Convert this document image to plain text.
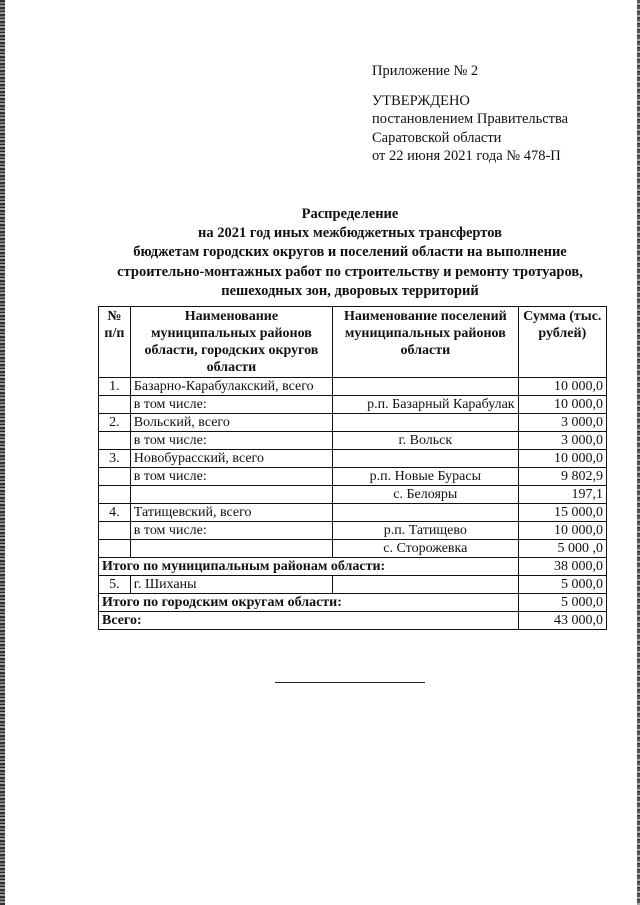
Приложение № 2
УТВЕРЖДЕНО
постановлением Правительства
Саратовской области
от 22 июня 2021 года № 478-П
Распределение
на 2021 год иных межбюджетных трансфертов
бюджетам городских округов и поселений области на выполнение
строительно-монтажных работ по строительству и ремонту тротуаров,
пешеходных зон, дворовых территорий
№ п/п	Наименование муниципальных районов области, городских округов области	Наименование поселений муниципальных районов области	Сумма (тыс. рублей)
1.	Базарно-Карабулакский, всего		10 000,0
	в том числе:	р.п. Базарный Карабулак	10 000,0
2.	Вольский, всего		3 000,0
	в том числе:	г. Вольск	3 000,0
3.	Новобурасский, всего		10 000,0
	в том числе:	р.п. Новые Бурасы	9 802,9
		с. Белояры	197,1
4.	Татищевский, всего		15 000,0
	в том числе:	р.п. Татищево	10 000,0
		с. Сторожевка	5 000 ,0
Итого по муниципальным районам области:			38 000,0
5.	г. Шиханы		5 000,0
Итого по городским округам области:			5 000,0
Всего:			43 000,0
